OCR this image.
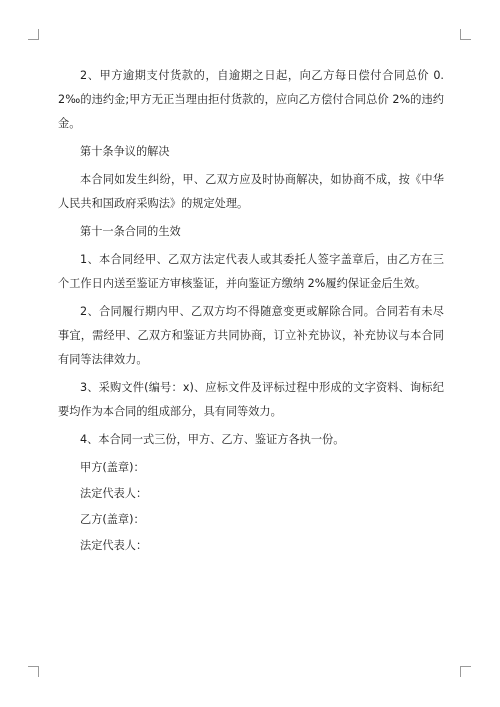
2、甲方逾期支付货款的，自逾期之日起，向乙方每日偿付合同总价 0.2‰的违约金;甲方无正当理由拒付货款的，应向乙方偿付合同总价 2%的违约金。

第十条争议的解决

本合同如发生纠纷，甲、乙双方应及时协商解决，如协商不成，按《中华人民共和国政府采购法》的规定处理。

第十一条合同的生效

1、本合同经甲、乙双方法定代表人或其委托人签字盖章后，由乙方在三个工作日内送至鉴证方审核鉴证，并向鉴证方缴纳 2%履约保证金后生效。

2、合同履行期内甲、乙双方均不得随意变更或解除合同。合同若有未尽事宜，需经甲、乙双方和鉴证方共同协商，订立补充协议，补充协议与本合同有同等法律效力。

3、采购文件(编号：x)、应标文件及评标过程中形成的文字资料、询标纪要均作为本合同的组成部分，具有同等效力。

4、本合同一式三份，甲方、乙方、鉴证方各执一份。

甲方(盖章)：

法定代表人：

乙方(盖章)：

法定代表人：
